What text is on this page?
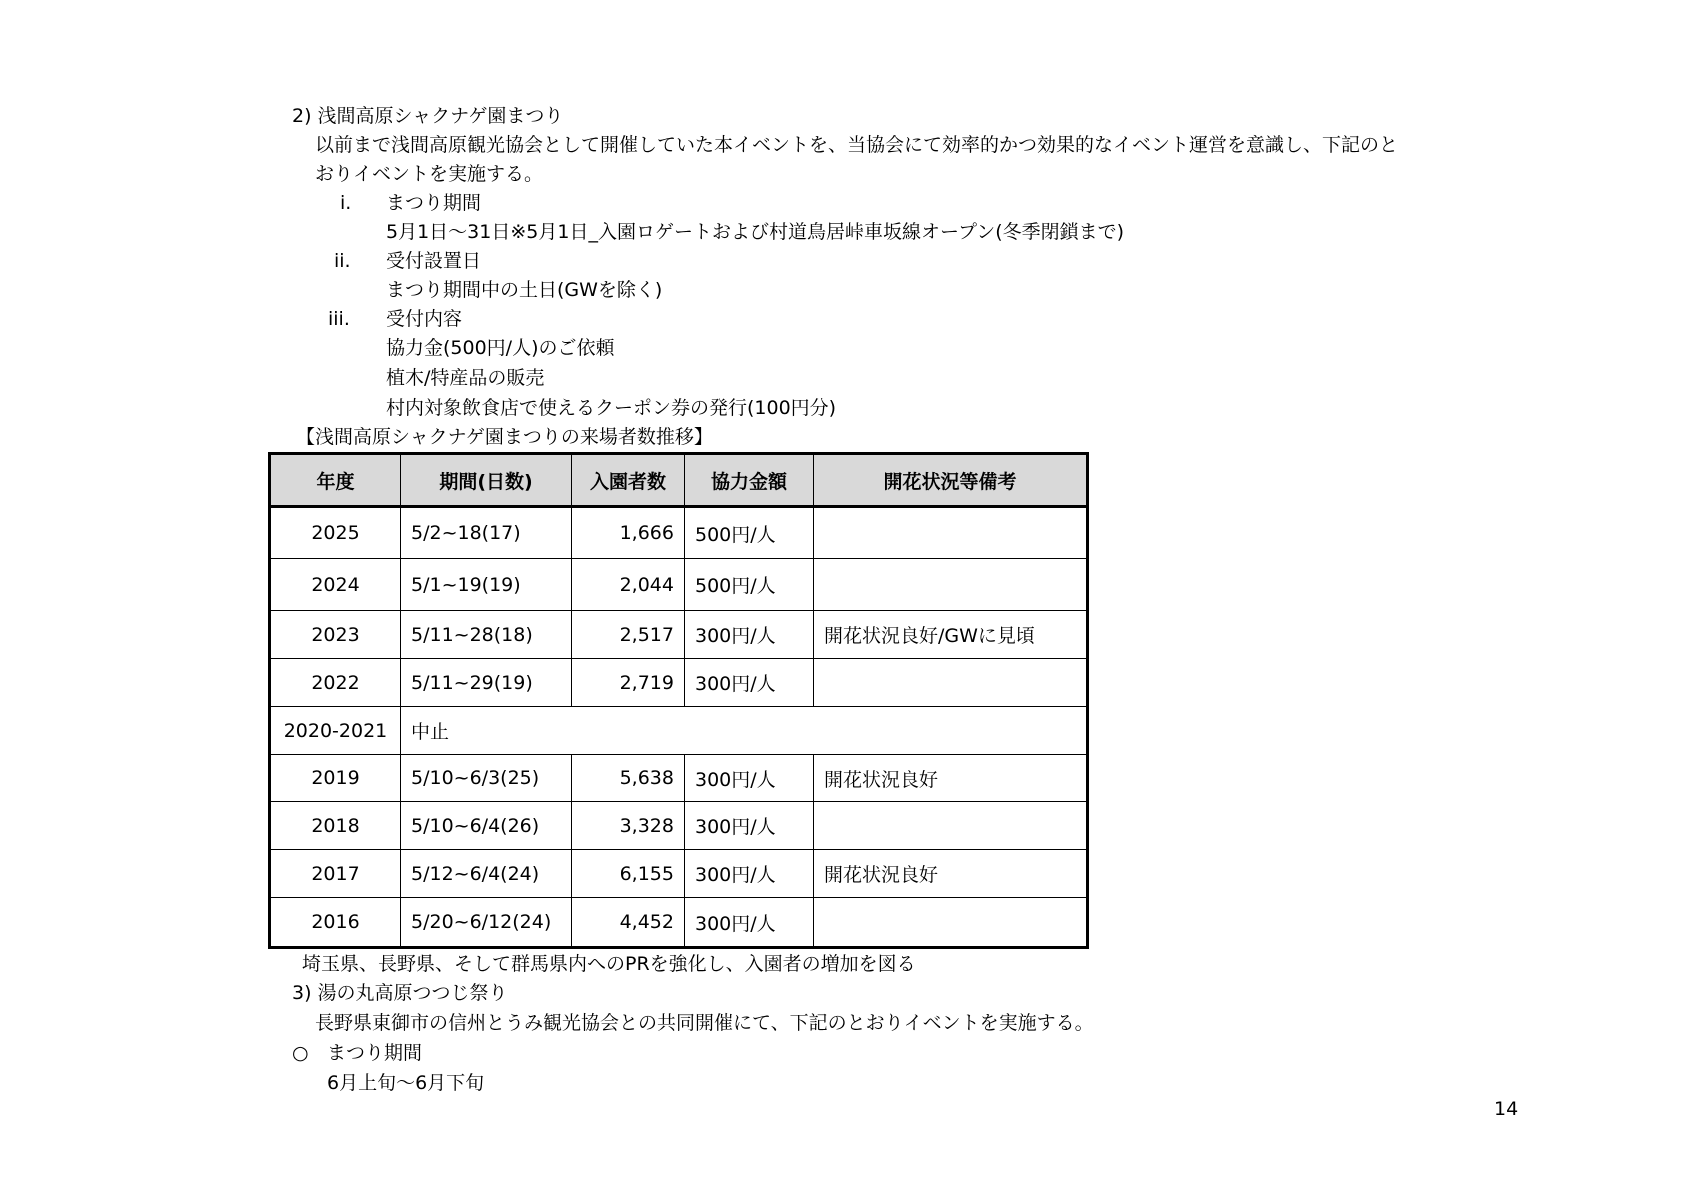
2) 浅間高原シャクナゲ園まつり
以前まで浅間高原観光協会として開催していた本イベントを、当協会にて効率的かつ効果的なイベント運営を意識し、下記のと
おりイベントを実施する。
i. まつり期間
5月1日～31日※5月1日_入園ロゲートおよび村道鳥居峠車坂線オープン(冬季閉鎖まで)
ii. 受付設置日
まつり期間中の土日(GWを除く)
iii. 受付内容
協力金(500円/人)のご依頼
植木/特産品の販売
村内対象飲食店で使えるクーポン券の発行(100円分)
【浅間高原シャクナゲ園まつりの来場者数推移】
年度	期間(日数)	入園者数	協力金額	開花状況等備考
2025	5/2~18(17)	1,666	500円/人	
2024	5/1~19(19)	2,044	500円/人	
2023	5/11~28(18)	2,517	300円/人	開花状況良好/GWに見頃
2022	5/11~29(19)	2,719	300円/人	
2020-2021	中止			
2019	5/10~6/3(25)	5,638	300円/人	開花状況良好
2018	5/10~6/4(26)	3,328	300円/人	
2017	5/12~6/4(24)	6,155	300円/人	開花状況良好
2016	5/20~6/12(24)	4,452	300円/人	
埼玉県、長野県、そして群馬県内へのPRを強化し、入園者の増加を図る
3) 湯の丸高原つつじ祭り
長野県東御市の信州とうみ観光協会との共同開催にて、下記のとおりイベントを実施する。
○ まつり期間
6月上旬～6月下旬
14
